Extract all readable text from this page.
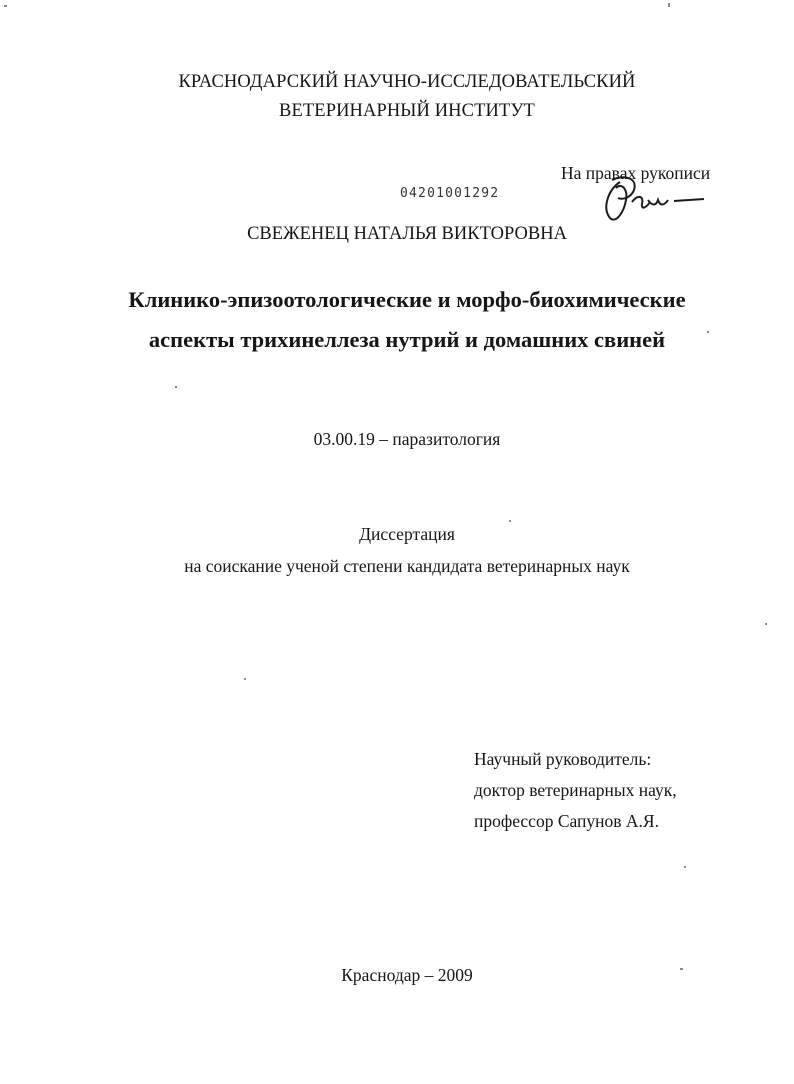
КРАСНОДАРСКИЙ НАУЧНО-ИССЛЕДОВАТЕЛЬСКИЙ
ВЕТЕРИНАРНЫЙ ИНСТИТУТ
На правах рукописи
04201001292
СВЕЖЕНЕЦ НАТАЛЬЯ ВИКТОРОВНА
Клинико-эпизоотологические и морфо-биохимические
аспекты трихинеллеза нутрий и домашних свиней
03.00.19 – паразитология
Диссертация
на соискание ученой степени кандидата ветеринарных наук
Научный руководитель:
доктор ветеринарных наук,
профессор Сапунов А.Я.
Краснодар – 2009
